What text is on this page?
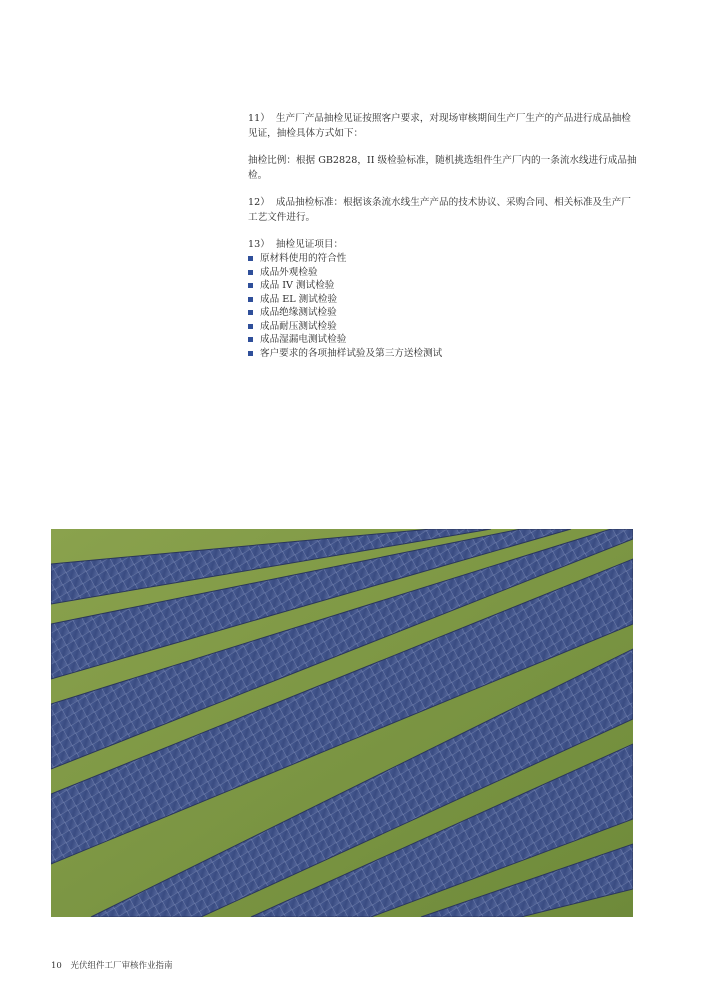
11） 生产厂产品抽检见证按照客户要求，对现场审核期间生产厂生产的产品进行成品抽检见证，抽检具体方式如下：

抽检比例：根据 GB2828，II 级检验标准，随机挑选组件生产厂内的一条流水线进行成品抽检。

12） 成品抽检标准：根据该条流水线生产产品的技术协议、采购合同、相关标准及生产厂工艺文件进行。

13） 抽检见证项目：

原材料使用的符合性
成品外观检验
成品 IV 测试检验
成品 EL 测试检验
成品绝缘测试检验
成品耐压测试检验
成品湿漏电测试检验
客户要求的各项抽样试验及第三方送检测试
10 光伏组件工厂审核作业指南
